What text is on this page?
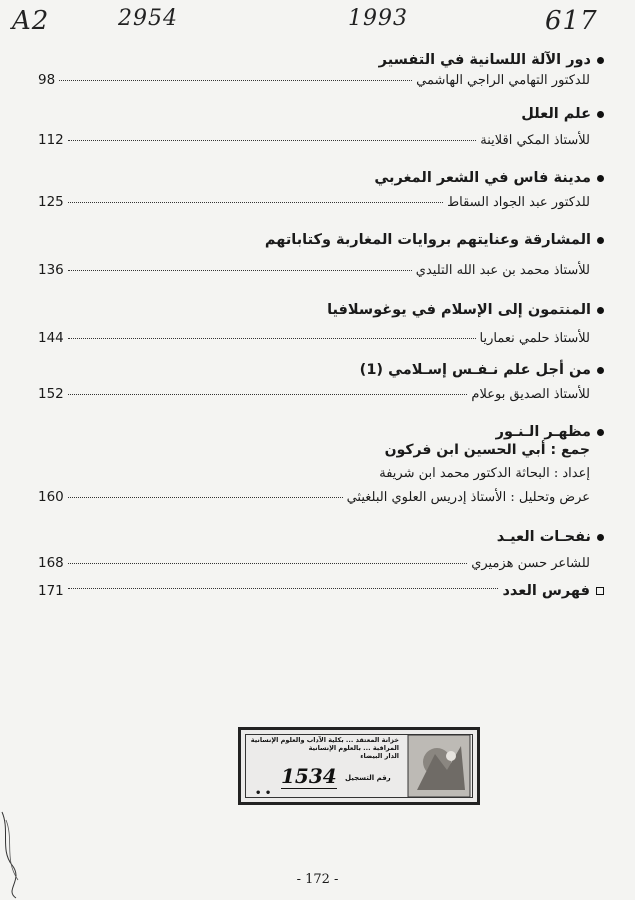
A2	2954	1993	617
دور الآلة اللسانية في التفسير
للدكتور التهامي الراجي الهاشمي
98
علم العلل
للأستاذ المكي اقلاينة
112
مدينة فاس في الشعر المغربي
للدكتور عبد الجواد السقاط
125
المشارقة وعنايتهم بروايات المغاربة وكتاباتهم
للأستاذ محمد بن عبد الله التليدي
136
المنتمون إلى الإسلام في يوغوسلافيا
للأستاذ حلمي نعماريا
144
من أجل علم نـفـس إسـلامي (1)
للأستاذ الصديق بوعلام
152
مظهـر الـنـور
جمع : أبي الحسين ابن فركون
إعداد : البحاثة الدكتور محمد ابن شريفة
عرض وتحليل : الأستاذ إدريس العلوي البلغيثي
160
نفحـات العيـد
للشاعر حسن هزميري
168
فهرس العدد
171
خزانة المعتقد ... بكلية الآداب والعلوم الإنسانية
المراقبة ... بالعلوم الإنسانية
الدار البيضاء
رقم التسجيل
1534
• •
- 172 -
